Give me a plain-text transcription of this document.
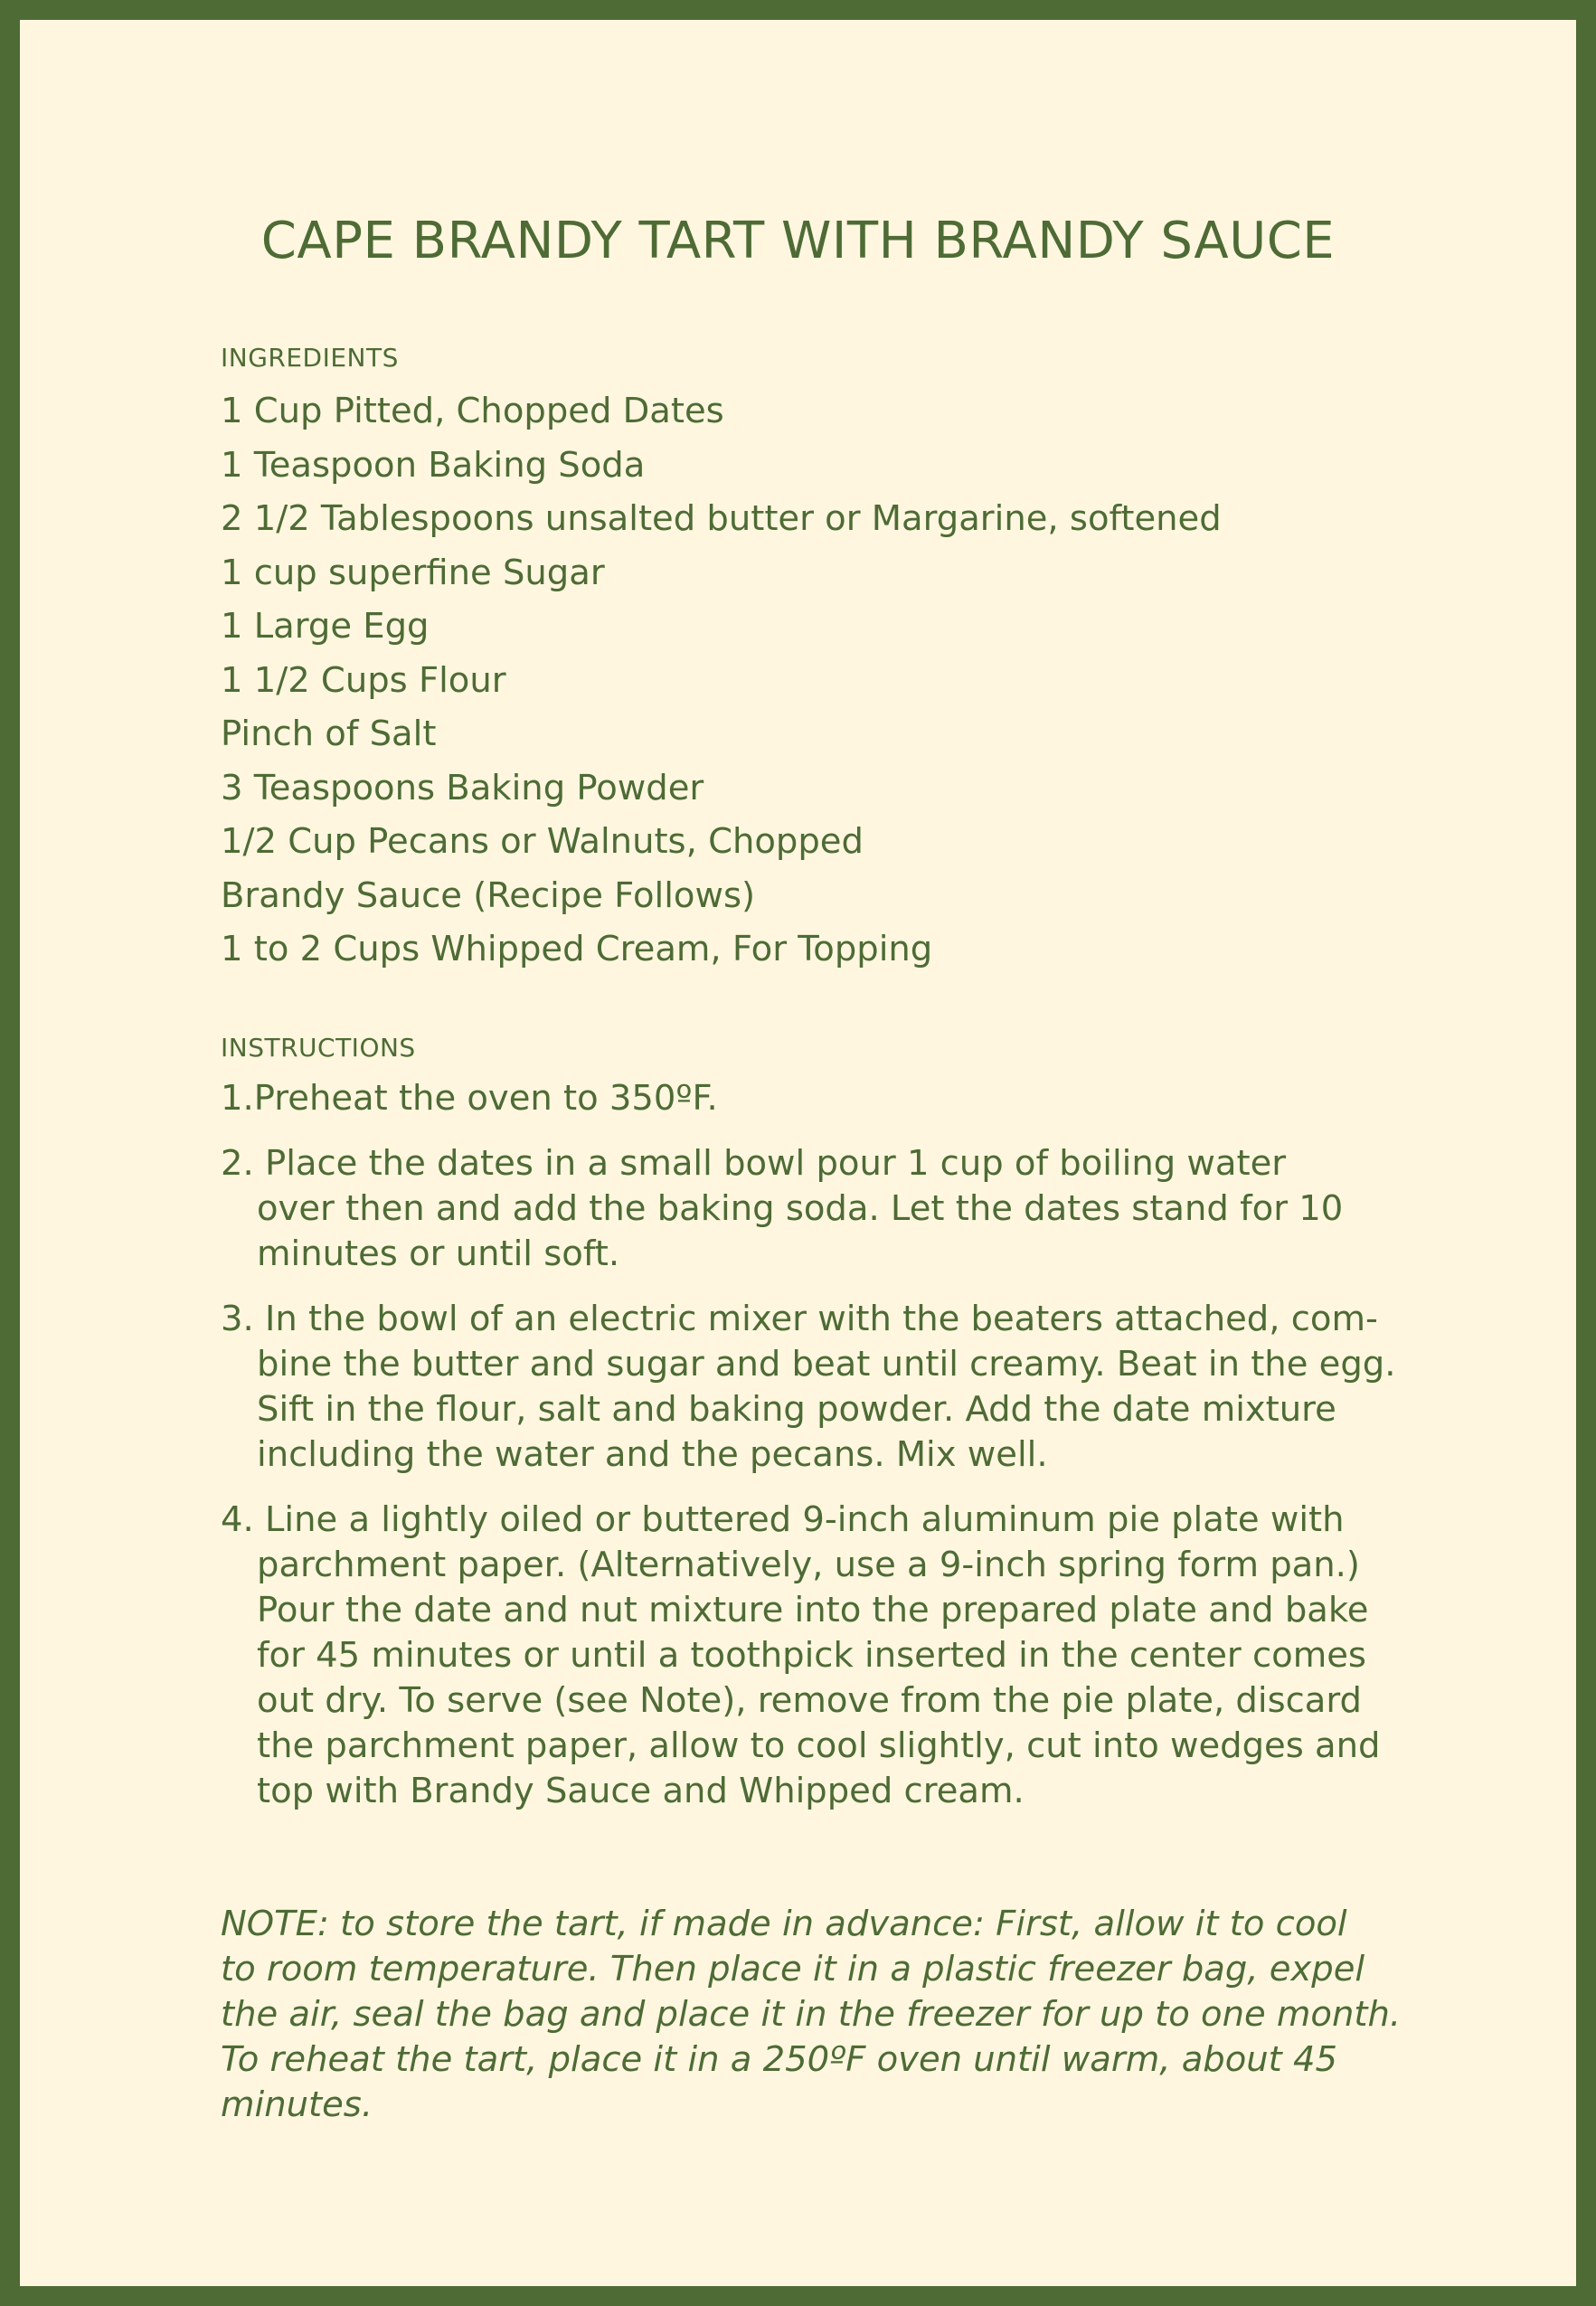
CAPE BRANDY TART WITH BRANDY SAUCE

INGREDIENTS

1 Cup Pitted, Chopped Dates
1 Teaspoon Baking Soda
2 1/2 Tablespoons unsalted butter or Margarine, softened
1 cup superfine Sugar
1 Large Egg
1 1/2 Cups Flour
Pinch of Salt
3 Teaspoons Baking Powder
1/2 Cup Pecans or Walnuts, Chopped
Brandy Sauce (Recipe Follows)
1 to 2 Cups Whipped Cream, For Topping

INSTRUCTIONS

1.Preheat the oven to 350ºF.
2. Place the dates in a small bowl pour 1 cup of boiling water
over then and add the baking soda. Let the dates stand for 10
minutes or until soft.
3. In the bowl of an electric mixer with the beaters attached, com-
bine the butter and sugar and beat until creamy. Beat in the egg.
Sift in the flour, salt and baking powder. Add the date mixture
including the water and the pecans. Mix well.
4. Line a lightly oiled or buttered 9-inch aluminum pie plate with
parchment paper. (Alternatively, use a 9-inch spring form pan.)
Pour the date and nut mixture into the prepared plate and bake
for 45 minutes or until a toothpick inserted in the center comes
out dry. To serve (see Note), remove from the pie plate, discard
the parchment paper, allow to cool slightly, cut into wedges and
top with Brandy Sauce and Whipped cream.

NOTE: to store the tart, if made in advance: First, allow it to cool
to room temperature. Then place it in a plastic freezer bag, expel
the air, seal the bag and place it in the freezer for up to one month.
To reheat the tart, place it in a 250ºF oven until warm, about 45
minutes.
